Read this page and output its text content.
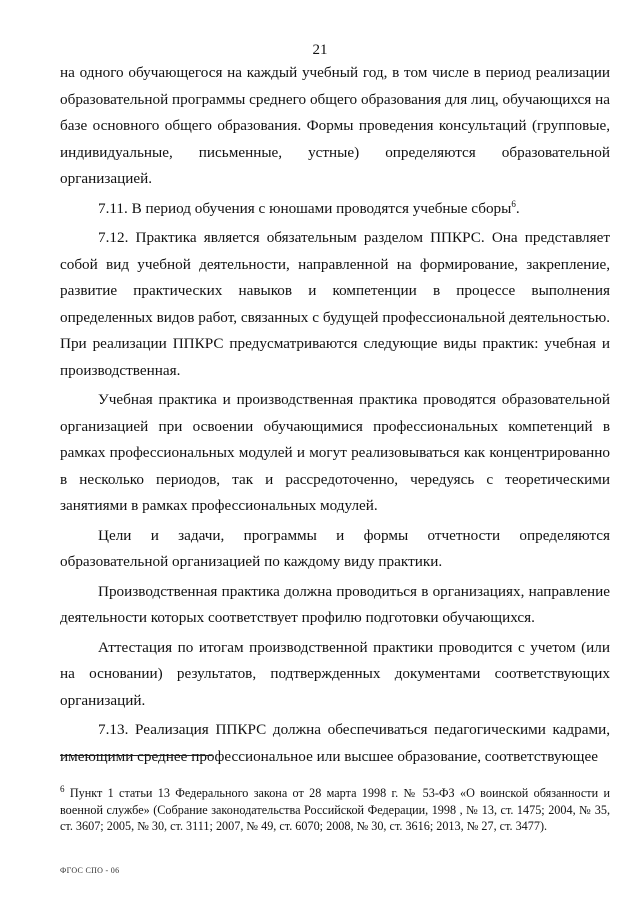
21

на одного обучающегося на каждый учебный год, в том числе в период реализации образовательной программы среднего общего образования для лиц, обучающихся на базе основного общего образования. Формы проведения консультаций (групповые, индивидуальные, письменные, устные) определяются образовательной организацией.

7.11. В период обучения с юношами проводятся учебные сборы$^6$.

7.12. Практика является обязательным разделом ППКРС. Она представляет собой вид учебной деятельности, направленной на формирование, закрепление, развитие практических навыков и компетенции в процессе выполнения определенных видов работ, связанных с будущей профессиональной деятельностью. При реализации ППКРС предусматриваются следующие виды практик: учебная и производственная.

Учебная практика и производственная практика проводятся образовательной организацией при освоении обучающимися профессиональных компетенций в рамках профессиональных модулей и могут реализовываться как концентрированно в несколько периодов, так и рассредоточенно, чередуясь с теоретическими занятиями в рамках профессиональных модулей.

Цели и задачи, программы и формы отчетности определяются образовательной организацией по каждому виду практики.

Производственная практика должна проводиться в организациях, направление деятельности которых соответствует профилю подготовки обучающихся.

Аттестация по итогам производственной практики проводится с учетом (или на основании) результатов, подтвержденных документами соответствующих организаций.

7.13. Реализация ППКРС должна обеспечиваться педагогическими кадрами, имеющими среднее профессиональное или высшее образование, соответствующее

$^6$ Пункт 1 статьи 13 Федерального закона от 28 марта 1998 г. № 53-ФЗ «О воинской обязанности и военной службе» (Собрание законодательства Российской Федерации, 1998 , № 13, ст. 1475; 2004, № 35, ст. 3607; 2005, № 30, ст. 3111; 2007, № 49, ст. 6070; 2008, № 30, ст. 3616; 2013, № 27, ст. 3477).

ФГОС СПО - 06
